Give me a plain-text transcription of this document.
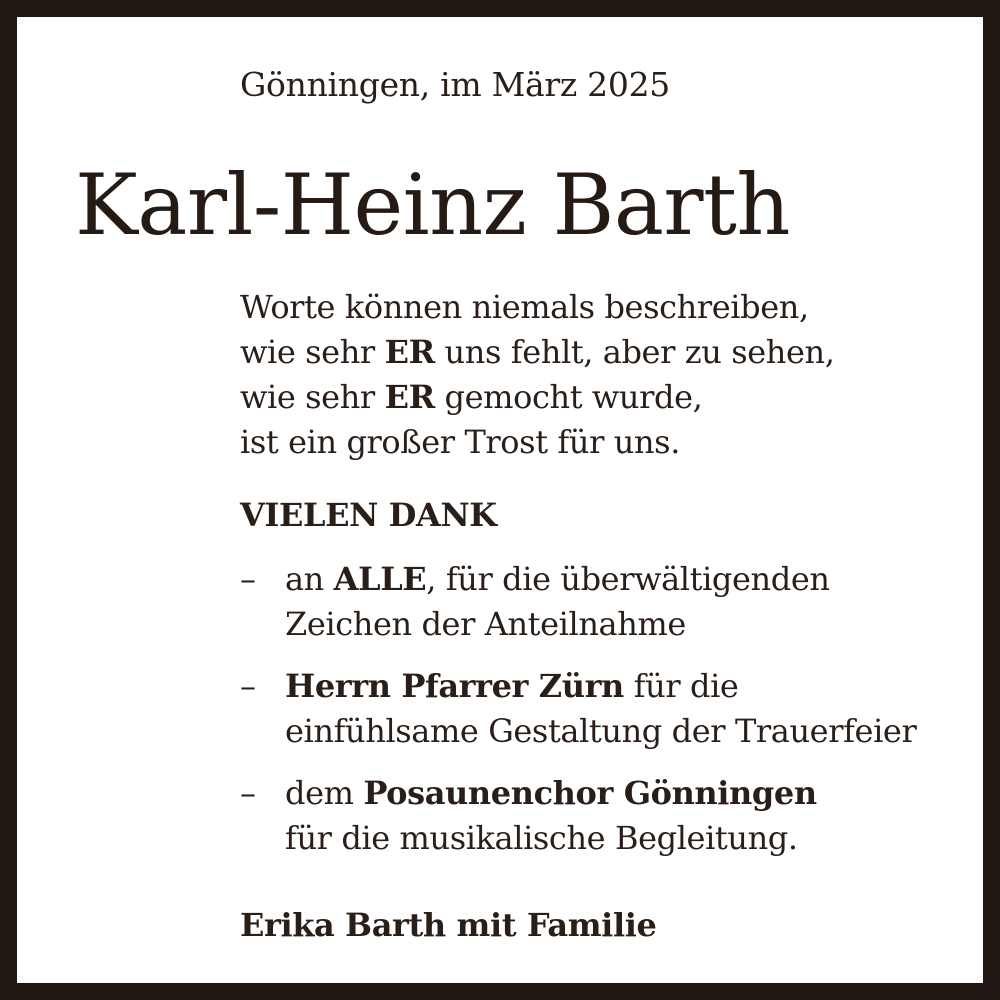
Gönningen, im März 2025
Karl-Heinz Barth
Worte können niemals beschreiben,
wie sehr ER uns fehlt, aber zu sehen,
wie sehr ER gemocht wurde,
ist ein großer Trost für uns.
VIELEN DANK
– an ALLE, für die überwältigenden
Zeichen der Anteilnahme
– Herrn Pfarrer Zürn für die
einfühlsame Gestaltung der Trauerfeier
– dem Posaunenchor Gönningen
für die musikalische Begleitung.
Erika Barth mit Familie
